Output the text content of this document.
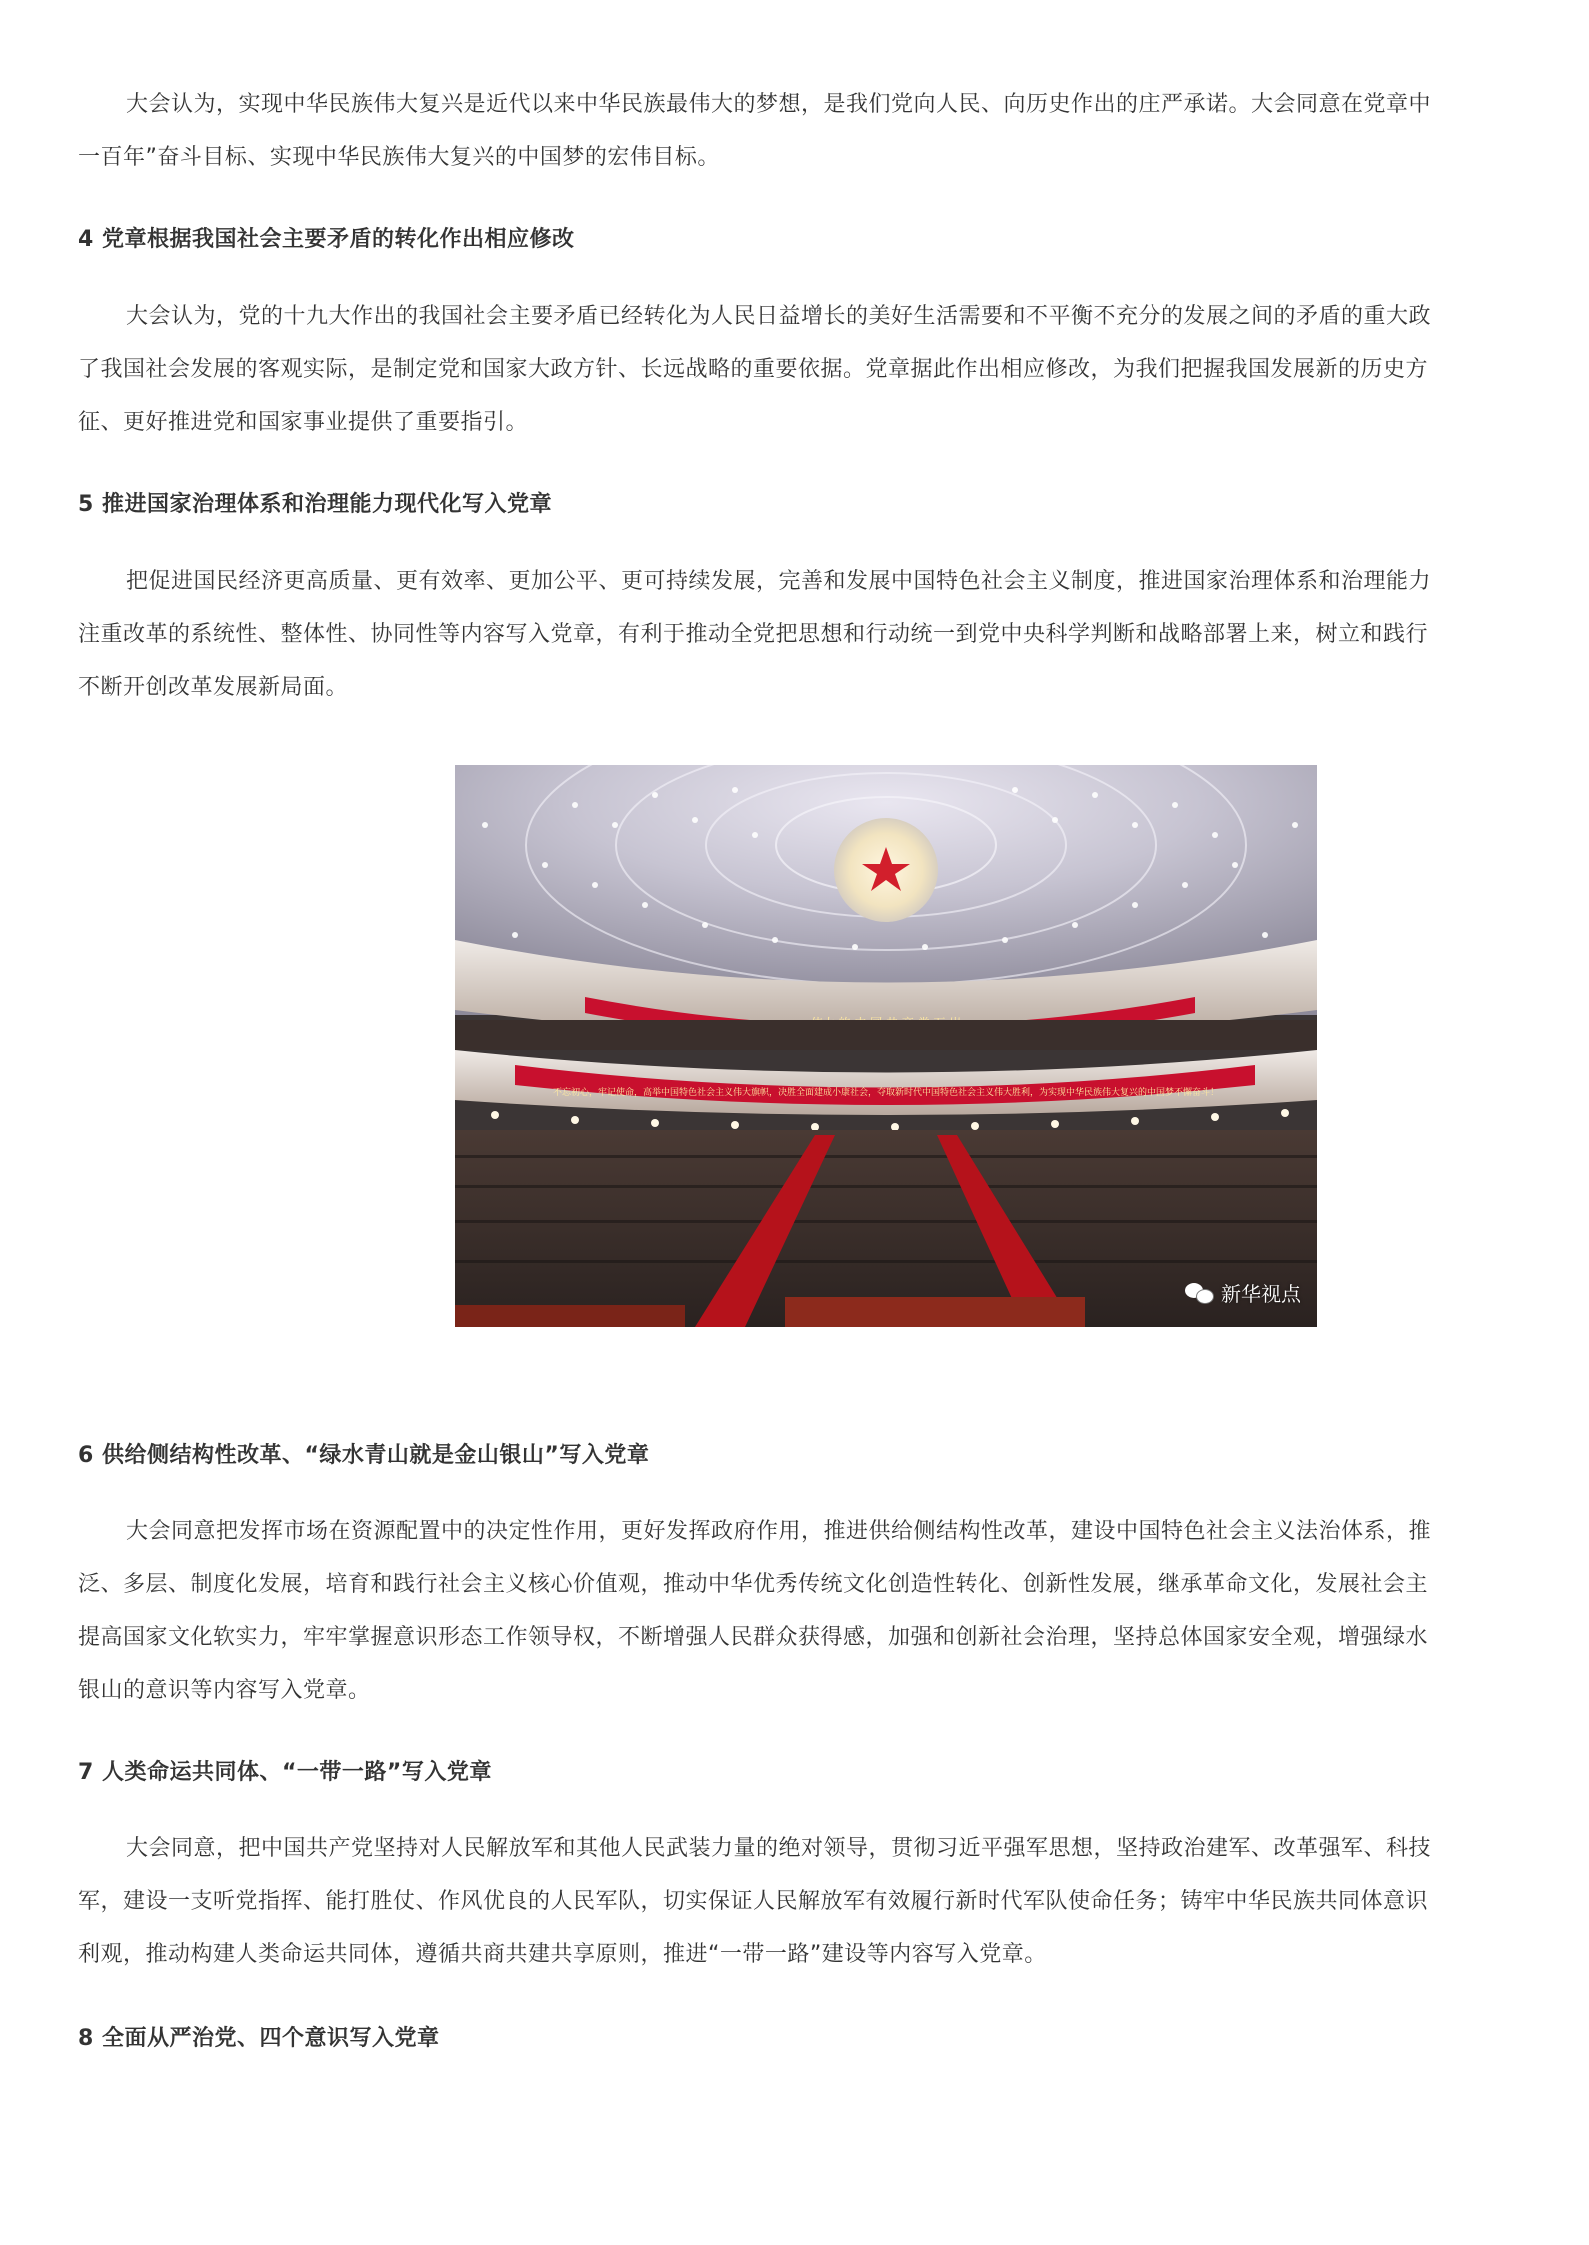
大会认为，实现中华民族伟大复兴是近代以来中华民族最伟大的梦想，是我们党向人民、向历史作出的庄严承诺。大会同意在党章中
一百年”奋斗目标、实现中华民族伟大复兴的中国梦的宏伟目标。
4 党章根据我国社会主要矛盾的转化作出相应修改
大会认为，党的十九大作出的我国社会主要矛盾已经转化为人民日益增长的美好生活需要和不平衡不充分的发展之间的矛盾的重大政
了我国社会发展的客观实际，是制定党和国家大政方针、长远战略的重要依据。党章据此作出相应修改，为我们把握我国发展新的历史方
征、更好推进党和国家事业提供了重要指引。
5 推进国家治理体系和治理能力现代化写入党章
把促进国民经济更高质量、更有效率、更加公平、更可持续发展，完善和发展中国特色社会主义制度，推进国家治理体系和治理能力
注重改革的系统性、整体性、协同性等内容写入党章，有利于推动全党把思想和行动统一到党中央科学判断和战略部署上来，树立和践行
不断开创改革发展新局面。
不忘初心，牢记使命，高举中国特色社会主义伟大旗帜，决胜全面建成小康社会，夺取新时代中国特色社会主义伟大胜利，为实现中华民族伟大复兴的中国梦不懈奋斗！
新华视点
6 供给侧结构性改革、“绿水青山就是金山银山”写入党章
大会同意把发挥市场在资源配置中的决定性作用，更好发挥政府作用，推进供给侧结构性改革，建设中国特色社会主义法治体系，推
泛、多层、制度化发展，培育和践行社会主义核心价值观，推动中华优秀传统文化创造性转化、创新性发展，继承革命文化，发展社会主
提高国家文化软实力，牢牢掌握意识形态工作领导权，不断增强人民群众获得感，加强和创新社会治理，坚持总体国家安全观，增强绿水
银山的意识等内容写入党章。
7 人类命运共同体、“一带一路”写入党章
大会同意，把中国共产党坚持对人民解放军和其他人民武装力量的绝对领导，贯彻习近平强军思想，坚持政治建军、改革强军、科技
军，建设一支听党指挥、能打胜仗、作风优良的人民军队，切实保证人民解放军有效履行新时代军队使命任务；铸牢中华民族共同体意识
利观，推动构建人类命运共同体，遵循共商共建共享原则，推进“一带一路”建设等内容写入党章。
8 全面从严治党、四个意识写入党章
